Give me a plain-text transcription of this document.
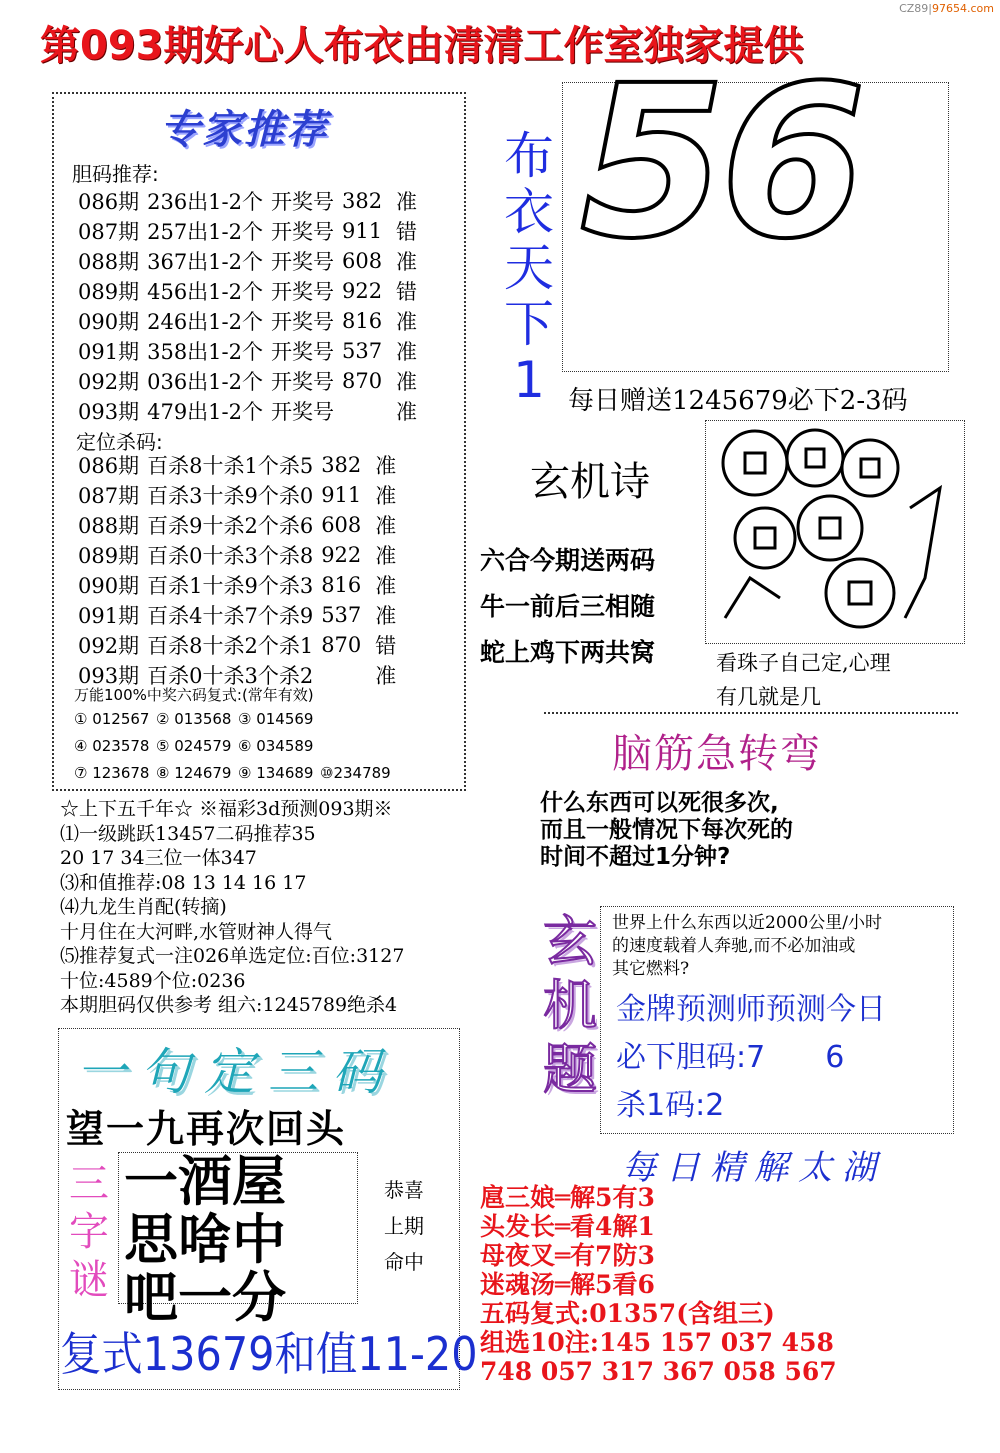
CZ89|97654.com
第093期好心人布衣由清清工作室独家提供
专家推荐
胆码推荐:
086期	236出1-2个	开奖号	382	准
087期	257出1-2个	开奖号	911	错
088期	367出1-2个	开奖号	608	准
089期	456出1-2个	开奖号	922	错
090期	246出1-2个	开奖号	816	准
091期	358出1-2个	开奖号	537	准
092期	036出1-2个	开奖号	870	准
093期	479出1-2个	开奖号		准
定位杀码:
086期	百杀8十杀1个杀5	382	准
087期	百杀3十杀9个杀0	911	准
088期	百杀9十杀2个杀6	608	准
089期	百杀0十杀3个杀8	922	准
090期	百杀1十杀9个杀3	816	准
091期	百杀4十杀7个杀9	537	准
092期	百杀8十杀2个杀1	870	错
093期	百杀0十杀3个杀2		准
万能100%中奖六码复式:(常年有效)
① 012567 ② 013568 ③ 014569
④ 023578 ⑤ 024579 ⑥ 034589
⑦ 123678 ⑧ 124679 ⑨ 134689 ⑩234789
☆上下五千年☆ ※福彩3d预测093期※
⑴一级跳跃13457二码推荐35
20 17 34三位一体347
⑶和值推荐:08 13 14 16 17
⑷九龙生肖配(转摘)
十月住在大河畔,水管财神人得气
⑸推荐复式一注026单选定位:百位:3127
十位:4589个位:0236
本期胆码仅供参考 组六:1245789绝杀4
布
衣
天
下
1
56
每日赠送1245679必下2-3码
玄机诗
六合今期送两码
牛一前后三相随
蛇上鸡下两共窝	看珠子自己定,心理
有几就是几
脑筋急转弯
什么东西可以死很多次,
而且一般情况下每次死的
时间不超过1分钟?
玄
机
题
世界上什么东西以近2000公里/小时
的速度载着人奔驰,而不必加油或
其它燃料?
金牌预测师预测今日
必下胆码:7　　6
杀1码:2
每日精解太湖
扈三娘═解5有3
头发长═看4解1
母夜叉═有7防3
迷魂汤═解5看6
五码复式:01357(含组三)
组选10注:145 157 037 458
748 057 317 367 058 567
一句定三码
望一九再次回头
三
字
谜
一酒屋
思啥中
吧一分
恭喜
上期
命中
复式13679和值11-20
